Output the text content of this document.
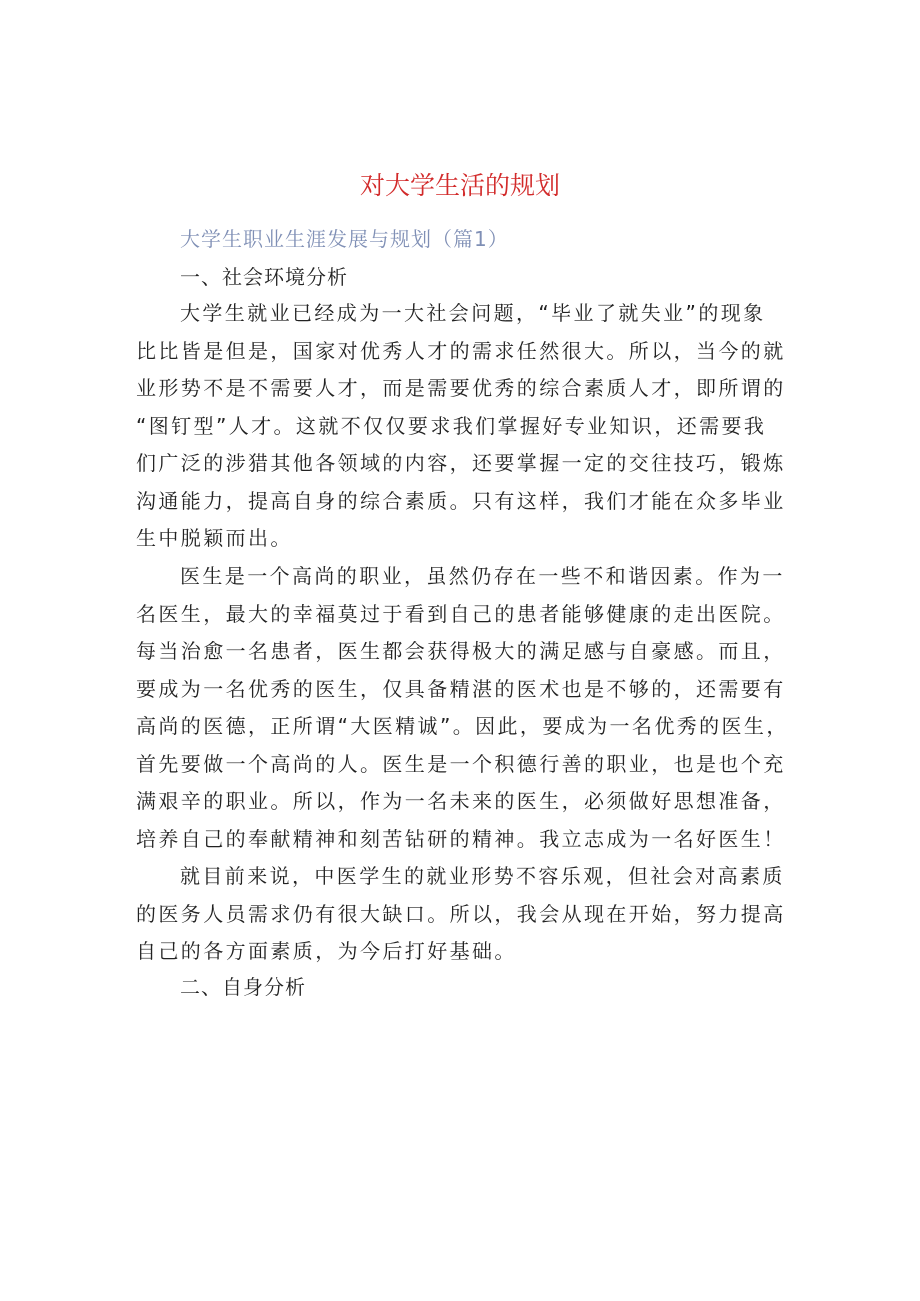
对大学生活的规划

大学生职业生涯发展与规划（篇1）

一、社会环境分析

大学生就业已经成为一大社会问题，“毕业了就失业”的现象
比比皆是但是，国家对优秀人才的需求任然很大。所以，当今的就
业形势不是不需要人才，而是需要优秀的综合素质人才，即所谓的
“图钉型”人才。这就不仅仅要求我们掌握好专业知识，还需要我
们广泛的涉猎其他各领域的内容，还要掌握一定的交往技巧，锻炼
沟通能力，提高自身的综合素质。只有这样，我们才能在众多毕业
生中脱颖而出。
医生是一个高尚的职业，虽然仍存在一些不和谐因素。作为一
名医生，最大的幸福莫过于看到自己的患者能够健康的走出医院。
每当治愈一名患者，医生都会获得极大的满足感与自豪感。而且，
要成为一名优秀的医生，仅具备精湛的医术也是不够的，还需要有
高尚的医德，正所谓“大医精诚”。因此，要成为一名优秀的医生，
首先要做一个高尚的人。医生是一个积德行善的职业，也是也个充
满艰辛的职业。所以，作为一名未来的医生，必须做好思想准备，
培养自己的奉献精神和刻苦钻研的精神。我立志成为一名好医生！
就目前来说，中医学生的就业形势不容乐观，但社会对高素质
的医务人员需求仍有很大缺口。所以，我会从现在开始，努力提高
自己的各方面素质，为今后打好基础。

二、自身分析
